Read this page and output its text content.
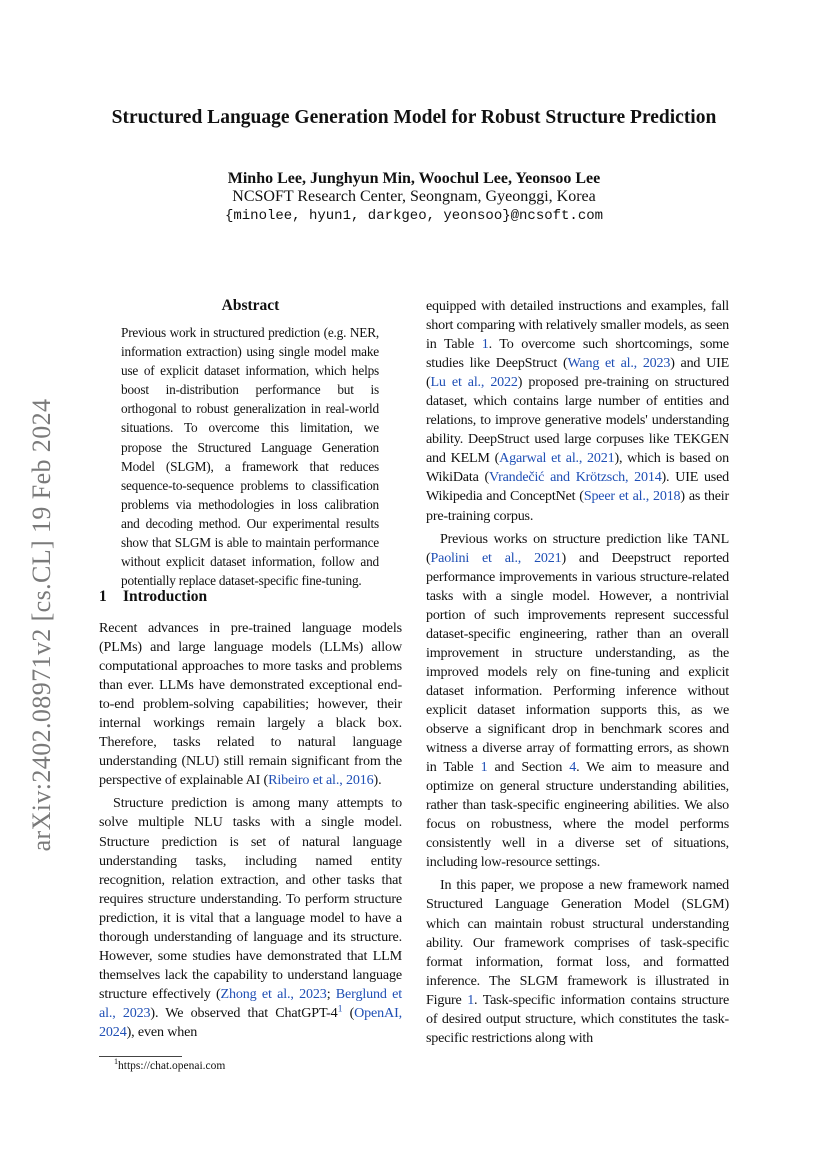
arXiv:2402.08971v2 [cs.CL] 19 Feb 2024
Structured Language Generation Model for Robust Structure Prediction
Minho Lee, Junghyun Min, Woochul Lee, Yeonsoo Lee
NCSOFT Research Center, Seongnam, Gyeonggi, Korea
{minolee, hyun1, darkgeo, yeonsoo}@ncsoft.com
Abstract

Previous work in structured prediction (e.g. NER, information extraction) using single model make use of explicit dataset information, which helps boost in-distribution performance but is orthogonal to robust generalization in real-world situations. To overcome this limitation, we propose the Structured Language Generation Model (SLGM), a framework that reduces sequence-to-sequence problems to classification problems via methodologies in loss calibration and decoding method. Our experimental results show that SLGM is able to maintain performance without explicit dataset information, follow and potentially replace dataset-specific fine-tuning.

1 Introduction

Recent advances in pre-trained language models (PLMs) and large language models (LLMs) allow computational approaches to more tasks and problems than ever. LLMs have demonstrated exceptional end-to-end problem-solving capabilities; however, their internal workings remain largely a black box. Therefore, tasks related to natural language understanding (NLU) still remain significant from the perspective of explainable AI (Ribeiro et al., 2016).

Structure prediction is among many attempts to solve multiple NLU tasks with a single model. Structure prediction is set of natural language understanding tasks, including named entity recognition, relation extraction, and other tasks that requires structure understanding. To perform structure prediction, it is vital that a language model to have a thorough understanding of language and its structure. However, some studies have demonstrated that LLM themselves lack the capability to understand language structure effectively (Zhong et al., 2023; Berglund et al., 2023). We observed that ChatGPT-4$^1$ (OpenAI, 2024), even when

$^1$https://chat.openai.com

equipped with detailed instructions and examples, fall short comparing with relatively smaller models, as seen in Table 1. To overcome such shortcomings, some studies like DeepStruct (Wang et al., 2023) and UIE (Lu et al., 2022) proposed pre-training on structured dataset, which contains large number of entities and relations, to improve generative models' understanding ability. DeepStruct used large corpuses like TEKGEN and KELM (Agarwal et al., 2021), which is based on WikiData (Vrandečić and Krötzsch, 2014). UIE used Wikipedia and ConceptNet (Speer et al., 2018) as their pre-training corpus.

Previous works on structure prediction like TANL (Paolini et al., 2021) and Deepstruct reported performance improvements in various structure-related tasks with a single model. However, a nontrivial portion of such improvements represent successful dataset-specific engineering, rather than an overall improvement in structure understanding, as the improved models rely on fine-tuning and explicit dataset information. Performing inference without explicit dataset information supports this, as we observe a significant drop in benchmark scores and witness a diverse array of formatting errors, as shown in Table 1 and Section 4. We aim to measure and optimize on general structure understanding abilities, rather than task-specific engineering abilities. We also focus on robustness, where the model performs consistently well in a diverse set of situations, including low-resource settings.

In this paper, we propose a new framework named Structured Language Generation Model (SLGM) which can maintain robust structural understanding ability. Our framework comprises of task-specific format information, format loss, and formatted inference. The SLGM framework is illustrated in Figure 1. Task-specific information contains structure of desired output structure, which constitutes the task-specific restrictions along with
